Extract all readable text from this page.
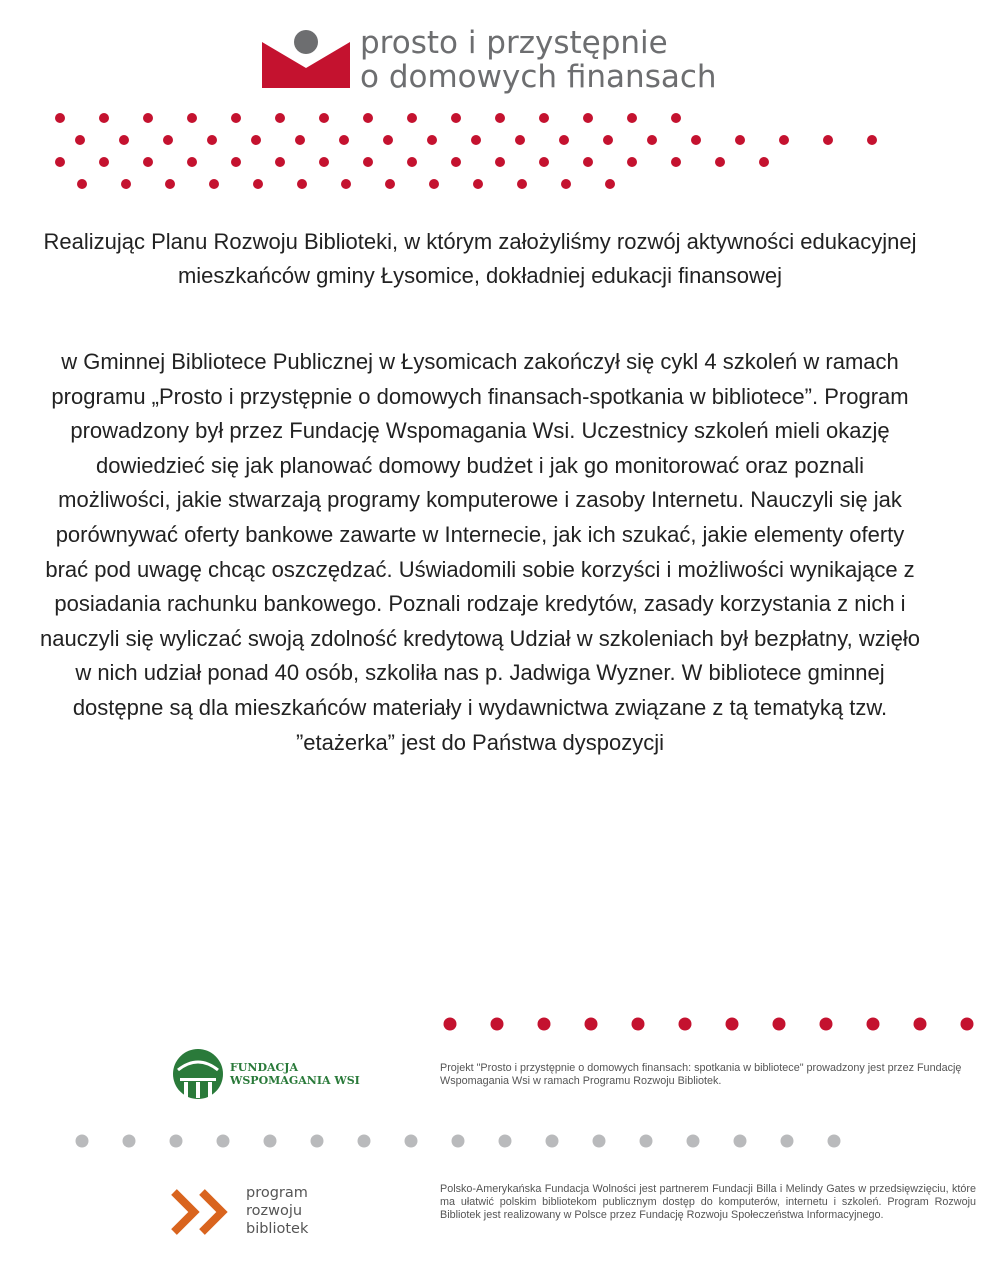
prosto i przystępnie
o domowych finansach
Realizując Planu Rozwoju Biblioteki, w którym założyliśmy rozwój aktywności edukacyjnej mieszkańców gminy Łysomice, dokładniej edukacji finansowej
w Gminnej Bibliotece Publicznej w Łysomicach zakończył się cykl 4 szkoleń w ramach programu „Prosto i przystępnie o domowych finansach-spotkania w bibliotece”. Program prowadzony był przez Fundację Wspomagania Wsi. Uczestnicy szkoleń mieli okazję dowiedzieć się jak planować domowy budżet i jak go monitorować oraz poznali możliwości, jakie stwarzają programy komputerowe i zasoby Internetu. Nauczyli się jak porównywać oferty bankowe zawarte w Internecie, jak ich szukać, jakie elementy oferty brać pod uwagę chcąc oszczędzać. Uświadomili sobie korzyści i możliwości wynikające z posiadania rachunku bankowego. Poznali rodzaje kredytów, zasady korzystania z nich i nauczyli się wyliczać swoją zdolność kredytową Udział w szkoleniach był bezpłatny, wzięło w nich udział ponad 40 osób, szkoliła nas p. Jadwiga Wyzner. W bibliotece gminnej dostępne są dla mieszkańców materiały i wydawnictwa związane z tą tematyką tzw. ”etażerka” jest do Państwa dyspozycji
FUNDACJA
WSPOMAGANIA WSI
Projekt "Prosto i przystępnie o domowych finansach: spotkania w bibliotece" prowadzony jest przez Fundację Wspomagania Wsi w ramach Programu Rozwoju Bibliotek.
program
rozwoju
bibliotek
Polsko-Amerykańska Fundacja Wolności jest partnerem Fundacji Billa i Melindy Gates w przedsięwzięciu, które ma ułatwić polskim bibliotekom publicznym dostęp do komputerów, internetu i szkoleń. Program Rozwoju Bibliotek jest realizowany w Polsce przez Fundację Rozwoju Społeczeństwa Informacyjnego.
